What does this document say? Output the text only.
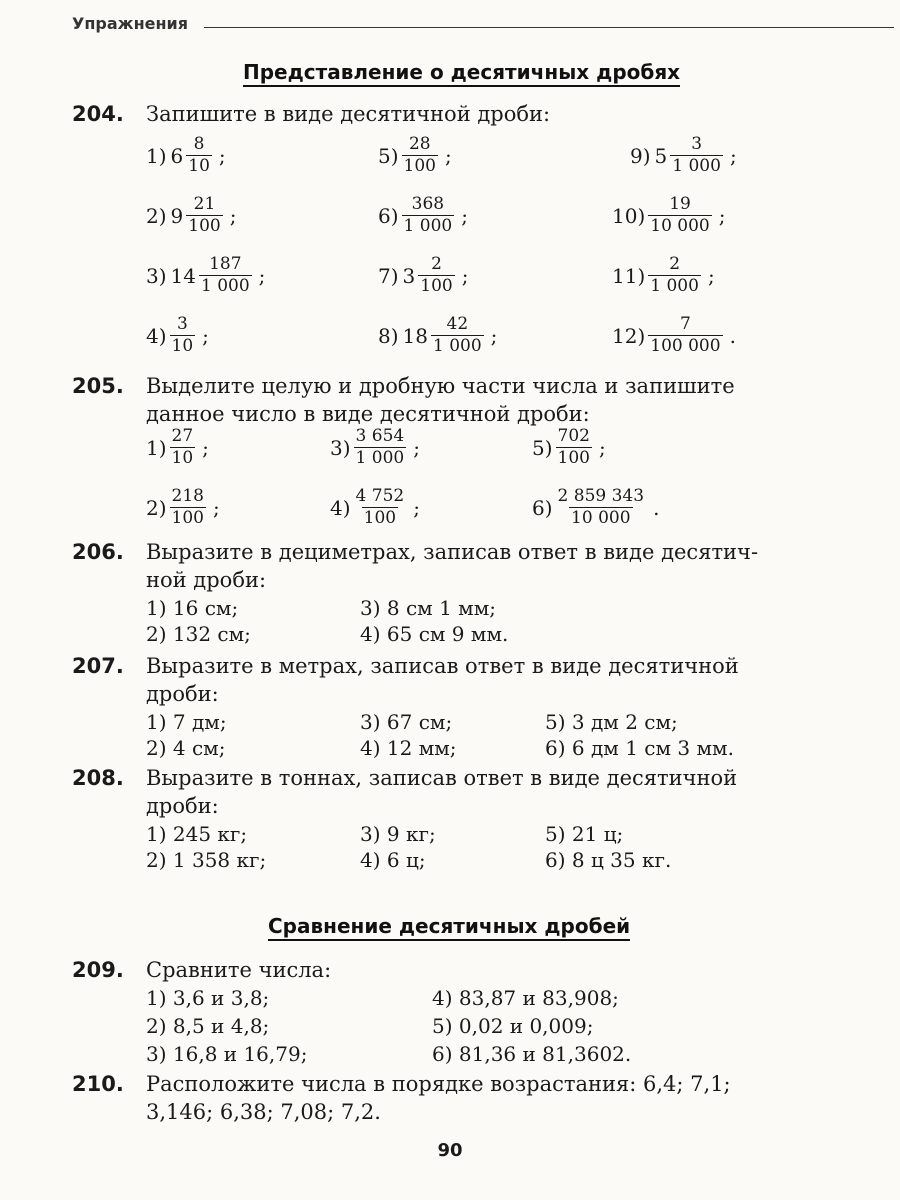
Упражнения
Представление о десятичных дробях
204. Запишите в виде десятичной дроби:
1) $6 \frac{8}{10}$ ;
2) $9 \frac{21}{100}$ ;
3) $14 \frac{187}{1 000}$ ;
$4) \frac{3}{10}$ ;
$5) \frac{28}{100}$ ;
$6) \frac{368}{1 000}$ ;
7) $3 \frac{2}{100}$ ;
8) $18 \frac{42}{1 000}$ ;
9) $5 \frac{3}{1 000}$ ;
$10) \frac{19}{10 000}$ ;
$11) \frac{2}{1 000}$ ;
$12) \frac{7}{100 000}$ .
205. Выделите целую и дробную части числа и запишите
данное число в виде десятичной дроби:
$1) \frac{27}{10}$ ;
$2) \frac{218}{100}$ ;
$3) \frac{3 654}{1 000}$ ;
$4) \frac{4 752}{100}$ ;
$5) \frac{702}{100}$ ;
$6) \frac{2 859 343}{10 000}$ .
206. Выразите в дециметрах, записав ответ в виде десятич-
ной дроби:
1) 16 см;
2) 132 см;
3) 8 см 1 мм;
4) 65 см 9 мм.
207. Выразите в метрах, записав ответ в виде десятичной
дроби:
1) 7 дм;
2) 4 см;
3) 67 см;
4) 12 мм;
5) 3 дм 2 см;
6) 6 дм 1 см 3 мм.
208. Выразите в тоннах, записав ответ в виде десятичной
дроби:
1) 245 кг;
2) 1 358 кг;
3) 9 кг;
4) 6 ц;
5) 21 ц;
6) 8 ц 35 кг.
Сравнение десятичных дробей
209. Сравните числа:
1) 3,6 и 3,8;
2) 8,5 и 4,8;
3) 16,8 и 16,79;
4) 83,87 и 83,908;
5) 0,02 и 0,009;
6) 81,36 и 81,3602.
210. Расположите числа в порядке возрастания: 6,4; 7,1;
3,146; 6,38; 7,08; 7,2.
90
